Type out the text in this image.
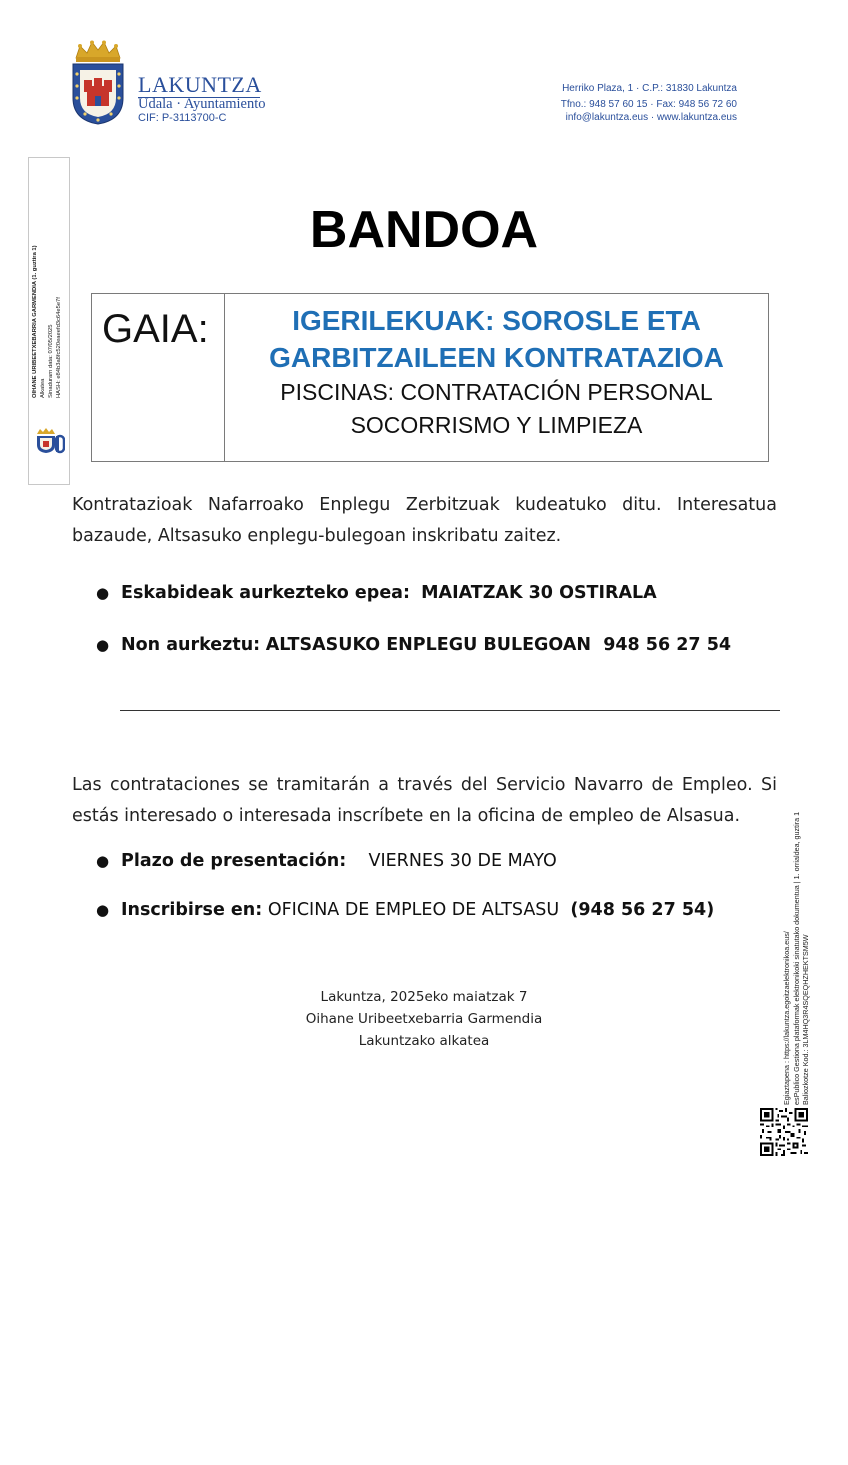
LAKUNTZA
Udala · Ayuntamiento
CIF: P-3113700-C
Herriko Plaza, 1 · C.P.: 31830 Lakuntza
Tfno.: 948 57 60 15 · Fax: 948 56 72 60
info@lakuntza.eus · www.lakuntza.eus
OIHANE URIBEETXEBARRIA GARMENDIA (1. guztira 1) Alkatea Sinadurarn data: 07/05/2025 HASH: e84b3a8fc520eaeefd3c64e5e7f
BANDOA
GAIA:	IGERILEKUAK: SOROSLE ETA
GARBITZAILEEN KONTRATAZIOA
PISCINAS: CONTRATACIÓN PERSONAL
SOCORRISMO Y LIMPIEZA
Kontratazioak Nafarroako Enplegu Zerbitzuak kudeatuko ditu. Interesatua bazaude, Altsasuko enplegu-bulegoan inskribatu zaitez.
● Eskabideak aurkezteko epea: MAIATZAK 30 OSTIRALA
● Non aurkeztu: ALTSASUKO ENPLEGU BULEGOAN  948 56 27 54
Las contrataciones se tramitarán a través del Servicio Navarro de Empleo. Si estás interesado o interesada inscríbete en la oficina de empleo de Alsasua.
● Plazo de presentación: VIERNES 30 DE MAYO
● Inscribirse en: OFICINA DE EMPLEO DE ALTSASU (948 56 27 54)
Lakuntza, 2025eko maiatzak 7
Oihane Uribeetxebarria Garmendia
Lakuntzako alkatea	Egiaztapena : https://lakuntza.egoitzaelektronikoa.eus/ esPublico Gestiona plataformak elektronikoki sinatutako dokumentua | 1. orrialdea, guztira 1 Baliozkotze Kod.: 3LM4HQ3R4SQEQHZHEKTSM5W
